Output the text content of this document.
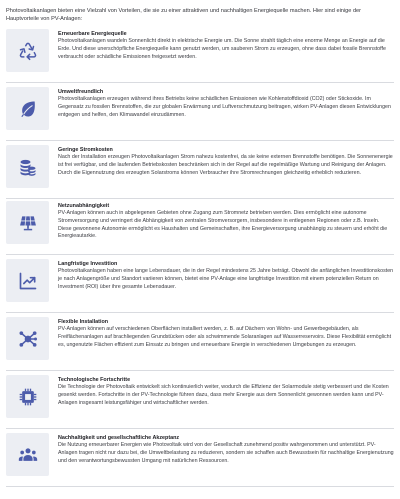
Photovoltaikanlagen bieten eine Vielzahl von Vorteilen, die sie zu einer attraktiven und nachhaltigen Energiequelle machen. Hier sind einige der Hauptvorteile von PV-Anlagen:
Erneuerbare Energiequelle
Photovoltaikanlagen wandeln Sonnenlicht direkt in elektrische Energie um. Die Sonne strahlt täglich eine enorme Menge an Energie auf die Erde. Und diese unerschöpfliche Energiequelle kann genutzt werden, um sauberen Strom zu erzeugen, ohne dass dabei fossile Brennstoffe verbraucht oder schädliche Emissionen freigesetzt werden.
Umweltfreundlich
Photovoltaikanlagen erzeugen während ihres Betriebs keine schädlichen Emissionen wie Kohlenstoffdioxid (CO2) oder Stickoxide. Im Gegensatz zu fossilen Brennstoffen, die zur globalen Erwärmung und Luftverschmutzung beitragen, wirken PV-Anlagen diesen Entwicklungen entgegen und helfen, den Klimawandel einzudämmen.
Geringe Stromkosten
Nach der Installation erzeugen Photovoltaikanlagen Strom nahezu kostenfrei, da sie keine externen Brennstoffe benötigen. Die Sonnenenergie ist frei verfügbar, und die laufenden Betriebskosten beschränken sich in der Regel auf die regelmäßige Wartung und Reinigung der Anlagen. Durch die Eigennutzung des erzeugten Solarstroms können Verbraucher ihre Stromrechnungen gleichzeitig erheblich reduzieren.
Netzunabhängigkeit
PV-Anlagen können auch in abgelegenen Gebieten ohne Zugang zum Stromnetz betrieben werden. Dies ermöglicht eine autonome Stromversorgung und verringert die Abhängigkeit von zentralen Stromversorgern, insbesondere in entlegenen Regionen oder z.B. Inseln. Diese gewonnene Autonomie ermöglicht es Haushalten und Gemeinschaften, ihre Energieversorgung unabhängig zu steuern und erhöht die Energieautarkie.
Langfristige Investition
Photovoltaikanlagen haben eine lange Lebensdauer, die in der Regel mindestens 25 Jahre beträgt. Obwohl die anfänglichen Investitionskosten je nach Anlagengröße und Standort variieren können, bietet eine PV-Anlage eine langfristige Investition mit einem potenziellen Return on Investment (ROI) über ihre gesamte Lebensdauer.
Flexible Installation
PV-Anlagen können auf verschiedenen Oberflächen installiert werden, z. B. auf Dächern von Wohn- und Gewerbegebäuden, als Freiflächenanlagen auf brachliegenden Grundstücken oder als schwimmende Solaranlagen auf Wasserreservoirs. Diese Flexibilität ermöglicht es, ungenutzte Flächen effizient zum Einsatz zu bringen und erneuerbare Energie in verschiedenen Umgebungen zu erzeugen.
Technologische Fortschritte
Die Technologie der Photovoltaik entwickelt sich kontinuierlich weiter, wodurch die Effizienz der Solarmodule stetig verbessert und die Kosten gesenkt werden. Fortschritte in der PV-Technologie führen dazu, dass mehr Energie aus dem Sonnenlicht gewonnen werden kann und PV-Anlagen insgesamt leistungsfähiger und wirtschaftlicher werden.
Nachhaltigkeit und gesellschaftliche Akzeptanz
Die Nutzung erneuerbarer Energien wie Photovoltaik wird von der Gesellschaft zunehmend positiv wahrgenommen und unterstützt. PV-Anlagen tragen nicht nur dazu bei, die Umweltbelastung zu reduzieren, sondern sie schaffen auch Bewusstsein für nachhaltige Energienutzung und den verantwortungsbewussten Umgang mit natürlichen Ressourcen.
